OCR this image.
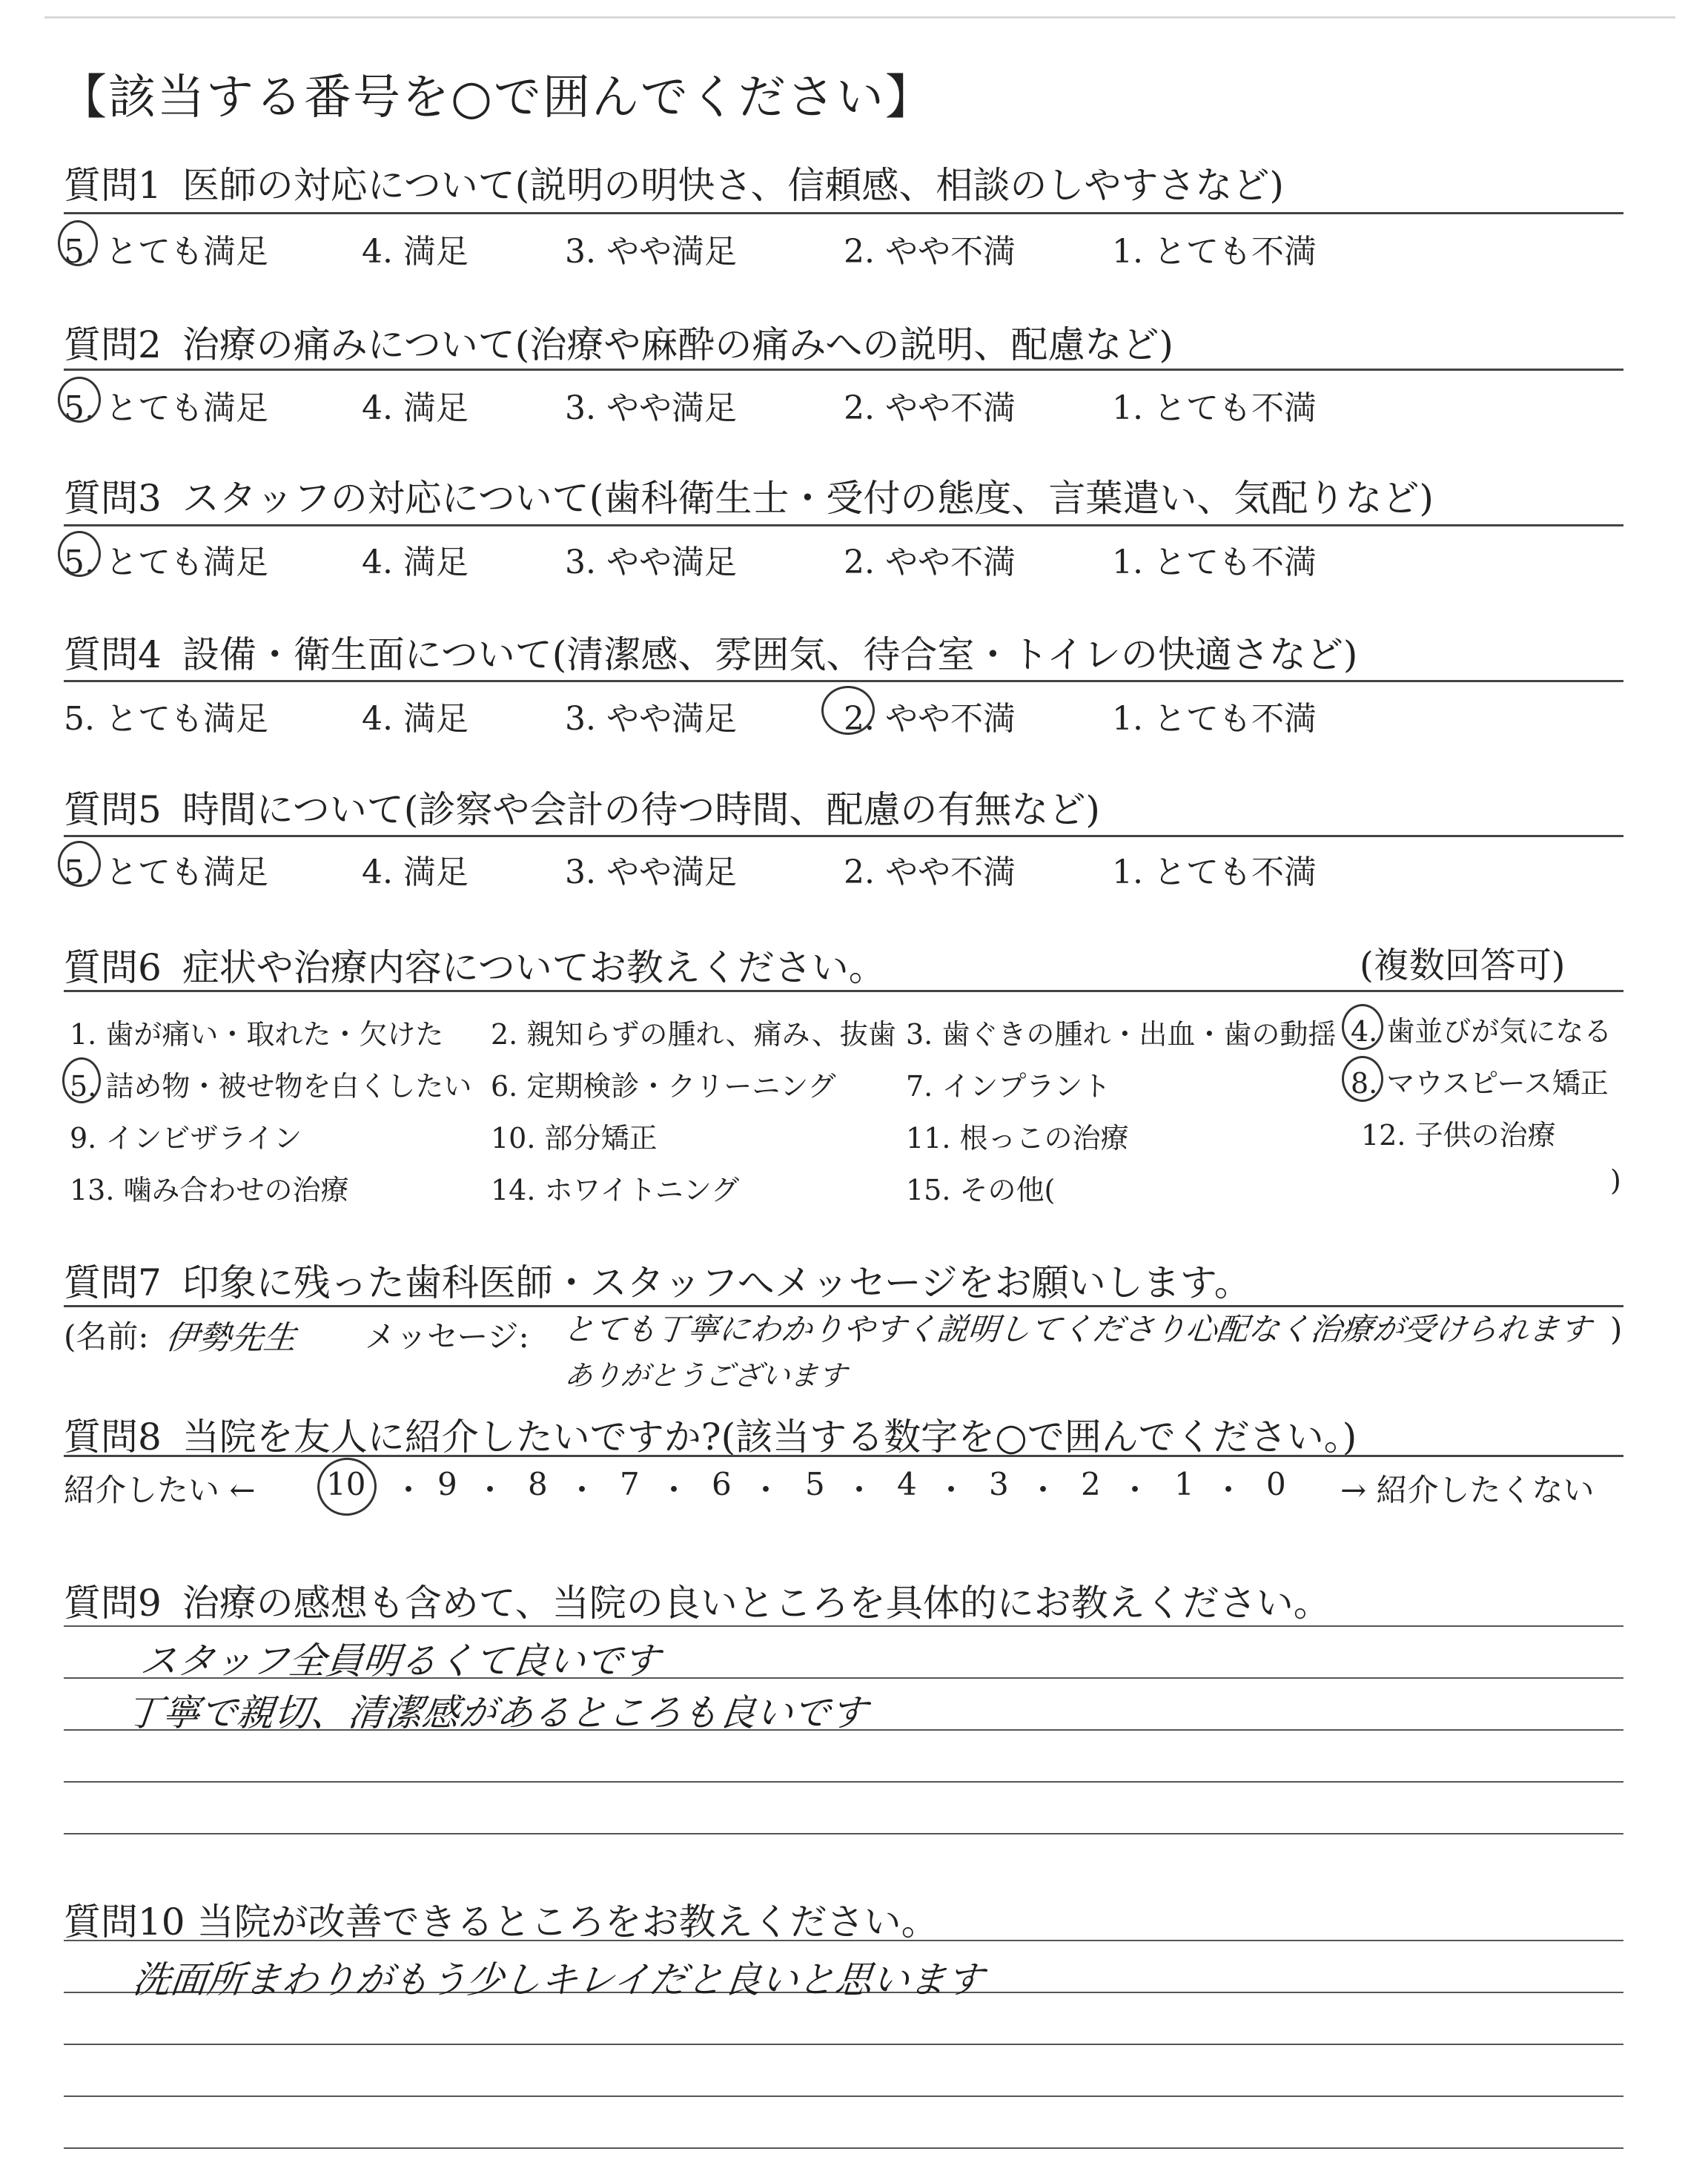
【該当する番号を○で囲んでください】
質問1 医師の対応について(説明の明快さ、信頼感、相談のしやすさなど)
5. とても満足	4. 満足	3. やや満足	2. やや不満	1. とても不満
質問2 治療の痛みについて(治療や麻酔の痛みへの説明、配慮など)
5. とても満足	4. 満足	3. やや満足	2. やや不満	1. とても不満
質問3 スタッフの対応について(歯科衛生士・受付の態度、言葉遣い、気配りなど)
5. とても満足	4. 満足	3. やや満足	2. やや不満	1. とても不満
質問4 設備・衛生面について(清潔感、雰囲気、待合室・トイレの快適さなど)
5. とても満足	4. 満足	3. やや満足	2. やや不満	1. とても不満
質問5 時間について(診察や会計の待つ時間、配慮の有無など)
5. とても満足	4. 満足	3. やや満足	2. やや不満	1. とても不満
質問6 症状や治療内容についてお教えください。	(複数回答可)
1. 歯が痛い・取れた・欠けた 2. 親知らずの腫れ、痛み、抜歯 3. 歯ぐきの腫れ・出血・歯の動揺 4. 歯並びが気になる
5. 詰め物・被せ物を白くしたい 6. 定期検診・クリーニング 7. インプラント	8. マウスピース矯正
9. インビザライン	10. 部分矯正	11. 根っこの治療	12. 子供の治療
13. 噛み合わせの治療	14. ホワイトニング	15. その他(	)
質問7 印象に残った歯科医師・スタッフへメッセージをお願いします。
(名前: 伊勢先生 メッセージ: とても丁寧にわかりやすく説明してくださり心配なく治療が受けられます
ありがとうございます
)
質問8 当院を友人に紹介したいですか?(該当する数字を○で囲んでください。)
紹介したい ← 10 ・ 9 ・ 8 ・ 7 ・ 6 ・ 5 ・ 4 ・ 3 ・ 2 ・ 1 ・ 0 → 紹介したくない
質問9 治療の感想も含めて、当院の良いところを具体的にお教えください。
スタッフ全員明るくて良いです
丁寧で親切、清潔感があるところも良いです
質問10 当院が改善できるところをお教えください。
洗面所まわりがもう少しキレイだと良いと思います
